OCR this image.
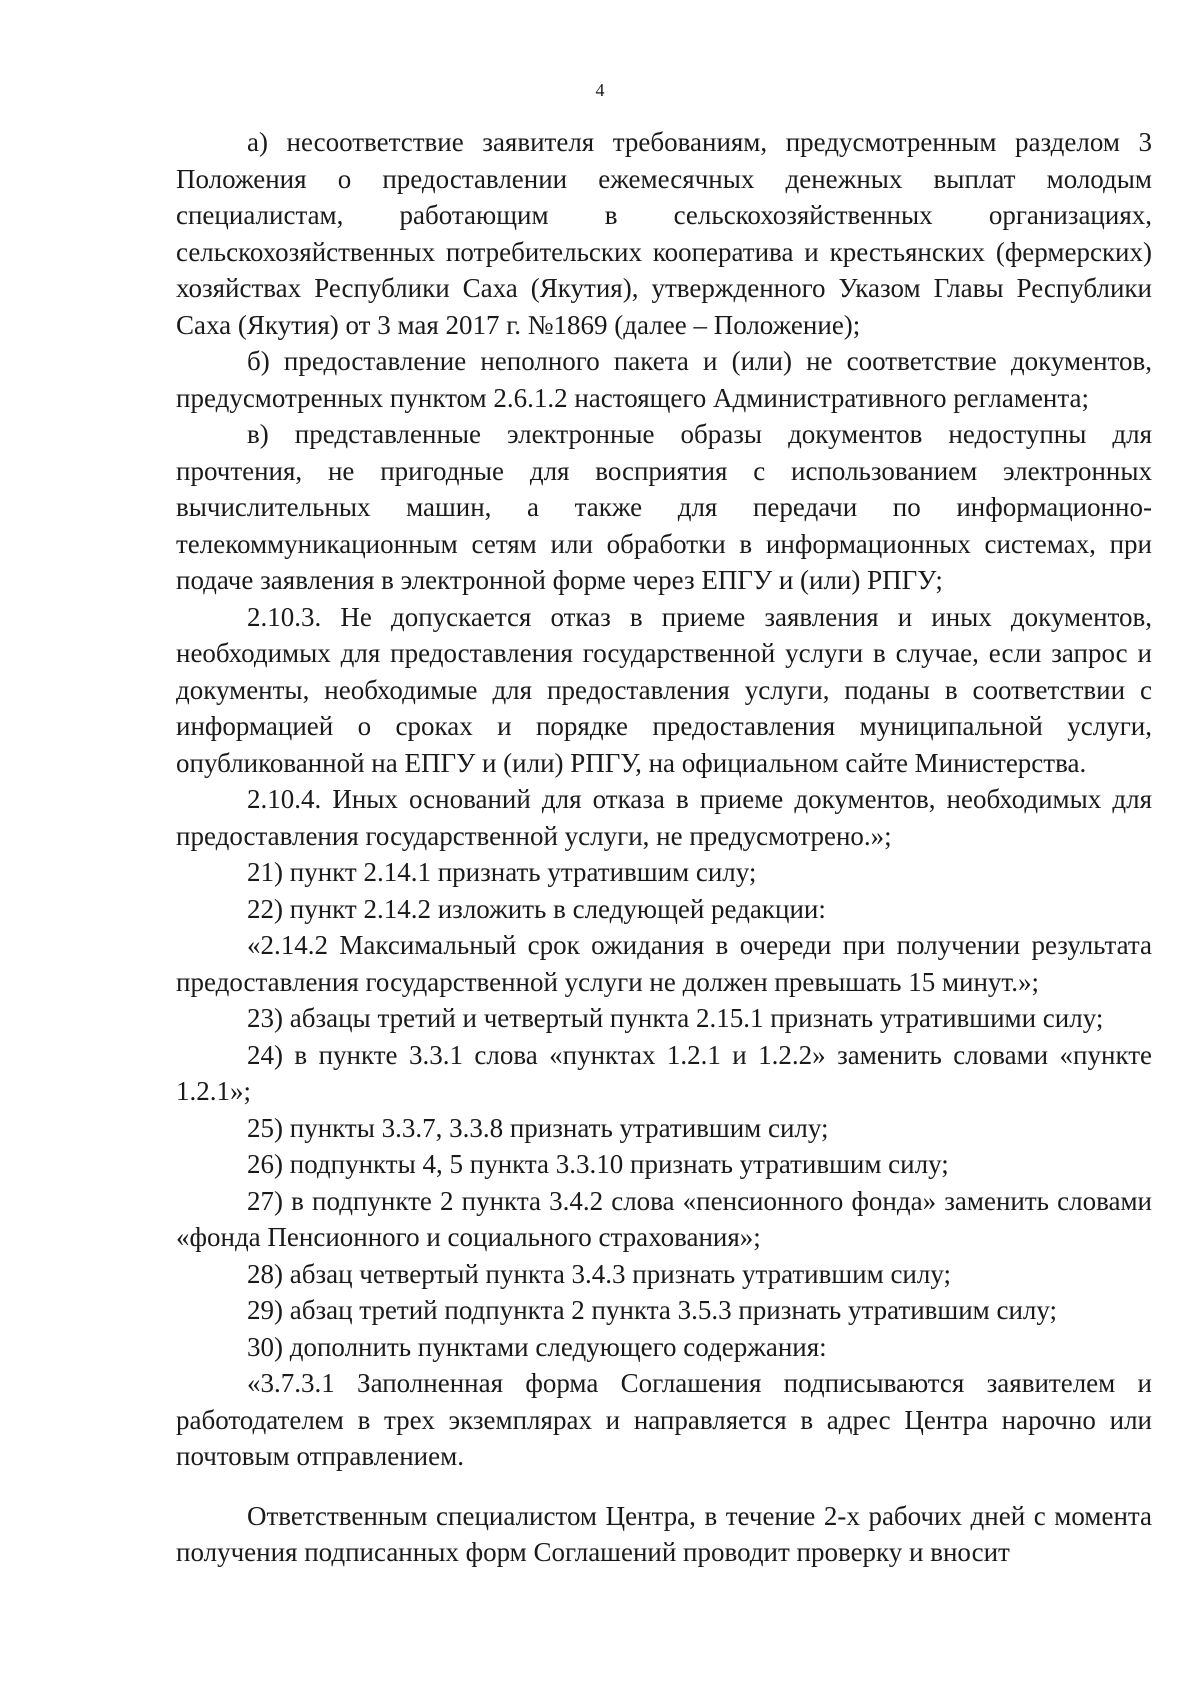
4

а) несоответствие заявителя требованиям, предусмотренным разделом 3 Положения о предоставлении ежемесячных денежных выплат молодым специалистам, работающим в сельскохозяйственных организациях, сельскохозяйственных потребительских кооператива и крестьянских (фермерских) хозяйствах Республики Саха (Якутия), утвержденного Указом Главы Республики Саха (Якутия) от 3 мая 2017 г. №1869 (далее – Положение);

б) предоставление неполного пакета и (или) не соответствие документов, предусмотренных пунктом 2.6.1.2 настоящего Административного регламента;

в) представленные электронные образы документов недоступны для прочтения, не пригодные для восприятия с использованием электронных вычислительных машин, а также для передачи по информационно-телекоммуникационным сетям или обработки в информационных системах, при подаче заявления в электронной форме через ЕПГУ и (или) РПГУ;

2.10.3. Не допускается отказ в приеме заявления и иных документов, необходимых для предоставления государственной услуги в случае, если запрос и документы, необходимые для предоставления услуги, поданы в соответствии с информацией о сроках и порядке предоставления муниципальной услуги, опубликованной на ЕПГУ и (или) РПГУ, на официальном сайте Министерства.

2.10.4. Иных оснований для отказа в приеме документов, необходимых для предоставления государственной услуги, не предусмотрено.»;

21) пункт 2.14.1 признать утратившим силу;

22) пункт 2.14.2 изложить в следующей редакции:

«2.14.2 Максимальный срок ожидания в очереди при получении результата предоставления государственной услуги не должен превышать 15 минут.»;

23) абзацы третий и четвертый пункта 2.15.1 признать утратившими силу;

24) в пункте 3.3.1 слова «пунктах 1.2.1 и 1.2.2» заменить словами «пункте 1.2.1»;

25) пункты 3.3.7, 3.3.8 признать утратившим силу;

26) подпункты 4, 5 пункта 3.3.10 признать утратившим силу;

27) в подпункте 2 пункта 3.4.2 слова «пенсионного фонда» заменить словами «фонда Пенсионного и социального страхования»;

28) абзац четвертый пункта 3.4.3 признать утратившим силу;

29) абзац третий подпункта 2 пункта 3.5.3 признать утратившим силу;

30) дополнить пунктами следующего содержания:

«3.7.3.1 Заполненная форма Соглашения подписываются заявителем и работодателем в трех экземплярах и направляется в адрес Центра нарочно или почтовым отправлением.

Ответственным специалистом Центра, в течение 2-х рабочих дней с момента получения подписанных форм Соглашений проводит проверку и вносит
